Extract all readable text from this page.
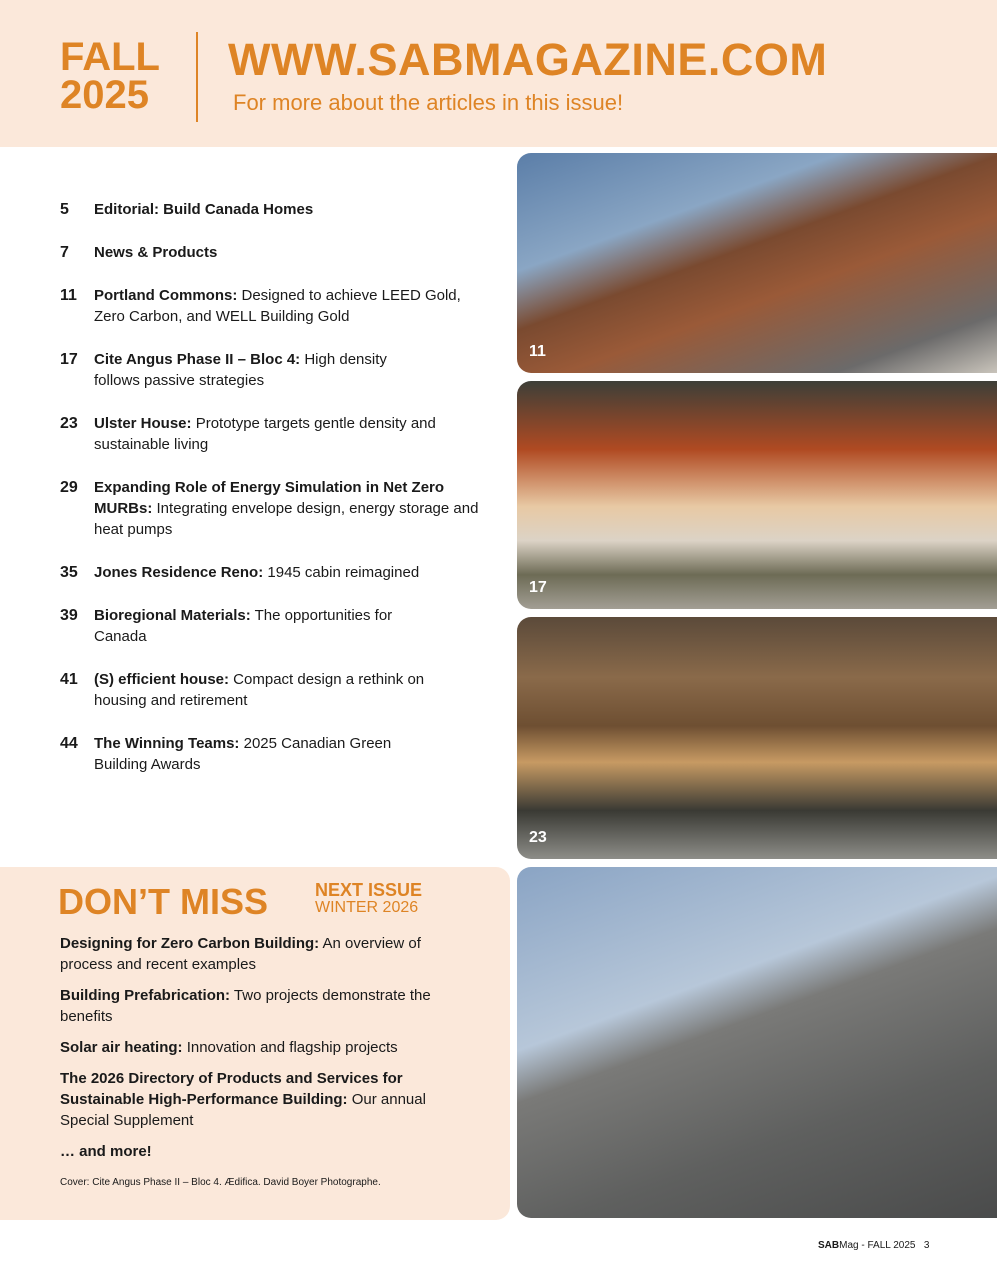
FALL
2025
WWW.SABMAGAZINE.COM
For more about the articles in this issue!
5	Editorial: Build Canada Homes
7	News & Products
11	Portland Commons: Designed to achieve LEED Gold, Zero Carbon, and WELL Building Gold
17	Cite Angus Phase II – Bloc 4: High density follows passive strategies
23	Ulster House: Prototype targets gentle density and sustainable living
29	Expanding Role of Energy Simulation in Net Zero MURBs: Integrating envelope design, energy storage and heat pumps
35	Jones Residence Reno: 1945 cabin reimagined
39	Bioregional Materials: The opportunities for Canada
41	(S) efficient house: Compact design a rethink on housing and retirement
44	The Winning Teams: 2025 Canadian Green Building Awards
11
17
23
DON’T MISS	NEXT ISSUE
WINTER 2026

Designing for Zero Carbon Building: An overview of process and recent examples

Building Prefabrication: Two projects demonstrate the benefits

Solar air heating: Innovation and flagship projects

The 2026 Directory of Products and Services for Sustainable High-Performance Building: Our annual Special Supplement

… and more!

Cover: Cite Angus Phase II – Bloc 4. Ædifica. David Boyer Photographe.
SABMag - FALL 2025 3
